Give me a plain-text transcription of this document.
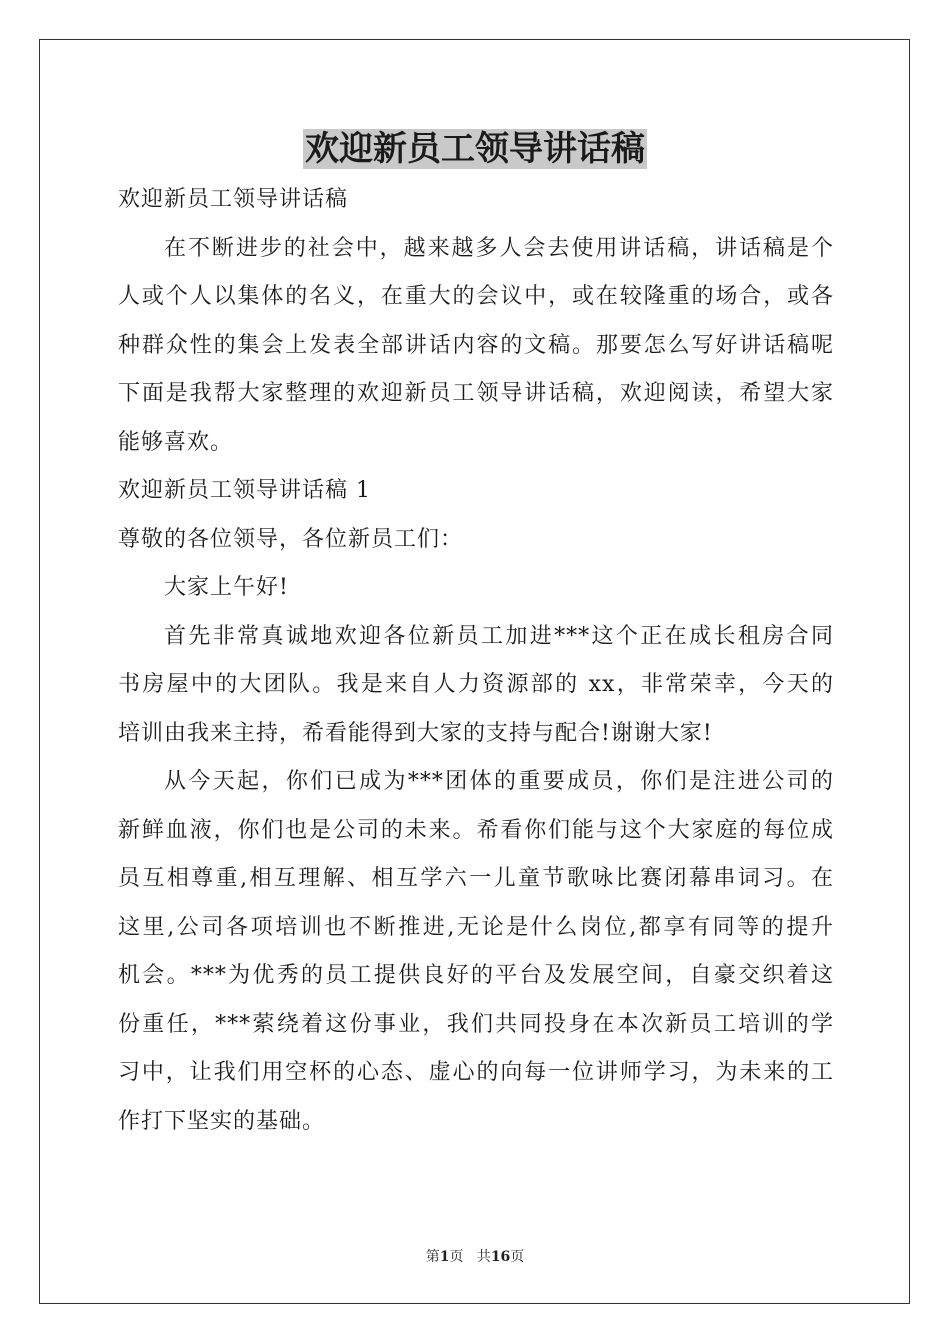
欢迎新员工领导讲话稿

欢迎新员工领导讲话稿

在不断进步的社会中，越来越多人会去使用讲话稿，讲话稿是个

人或个人以集体的名义，在重大的会议中，或在较隆重的场合，或各

种群众性的集会上发表全部讲话内容的文稿。那要怎么写好讲话稿呢

下面是我帮大家整理的欢迎新员工领导讲话稿，欢迎阅读，希望大家

能够喜欢。

欢迎新员工领导讲话稿 1

尊敬的各位领导，各位新员工们：

大家上午好!

首先非常真诚地欢迎各位新员工加进***这个正在成长租房合同

书房屋中的大团队。我是来自人力资源部的 xx，非常荣幸，今天的

培训由我来主持，希看能得到大家的支持与配合!谢谢大家!

从今天起，你们已成为***团体的重要成员，你们是注进公司的

新鲜血液，你们也是公司的未来。希看你们能与这个大家庭的每位成

员互相尊重,相互理解、相互学六一儿童节歌咏比赛闭幕串词习。在

这里,公司各项培训也不断推进,无论是什么岗位,都享有同等的提升

机会。***为优秀的员工提供良好的平台及发展空间，自豪交织着这

份重任，***萦绕着这份事业，我们共同投身在本次新员工培训的学

习中，让我们用空杯的心态、虚心的向每一位讲师学习，为未来的工

作打下坚实的基础。

第1页 共16页
